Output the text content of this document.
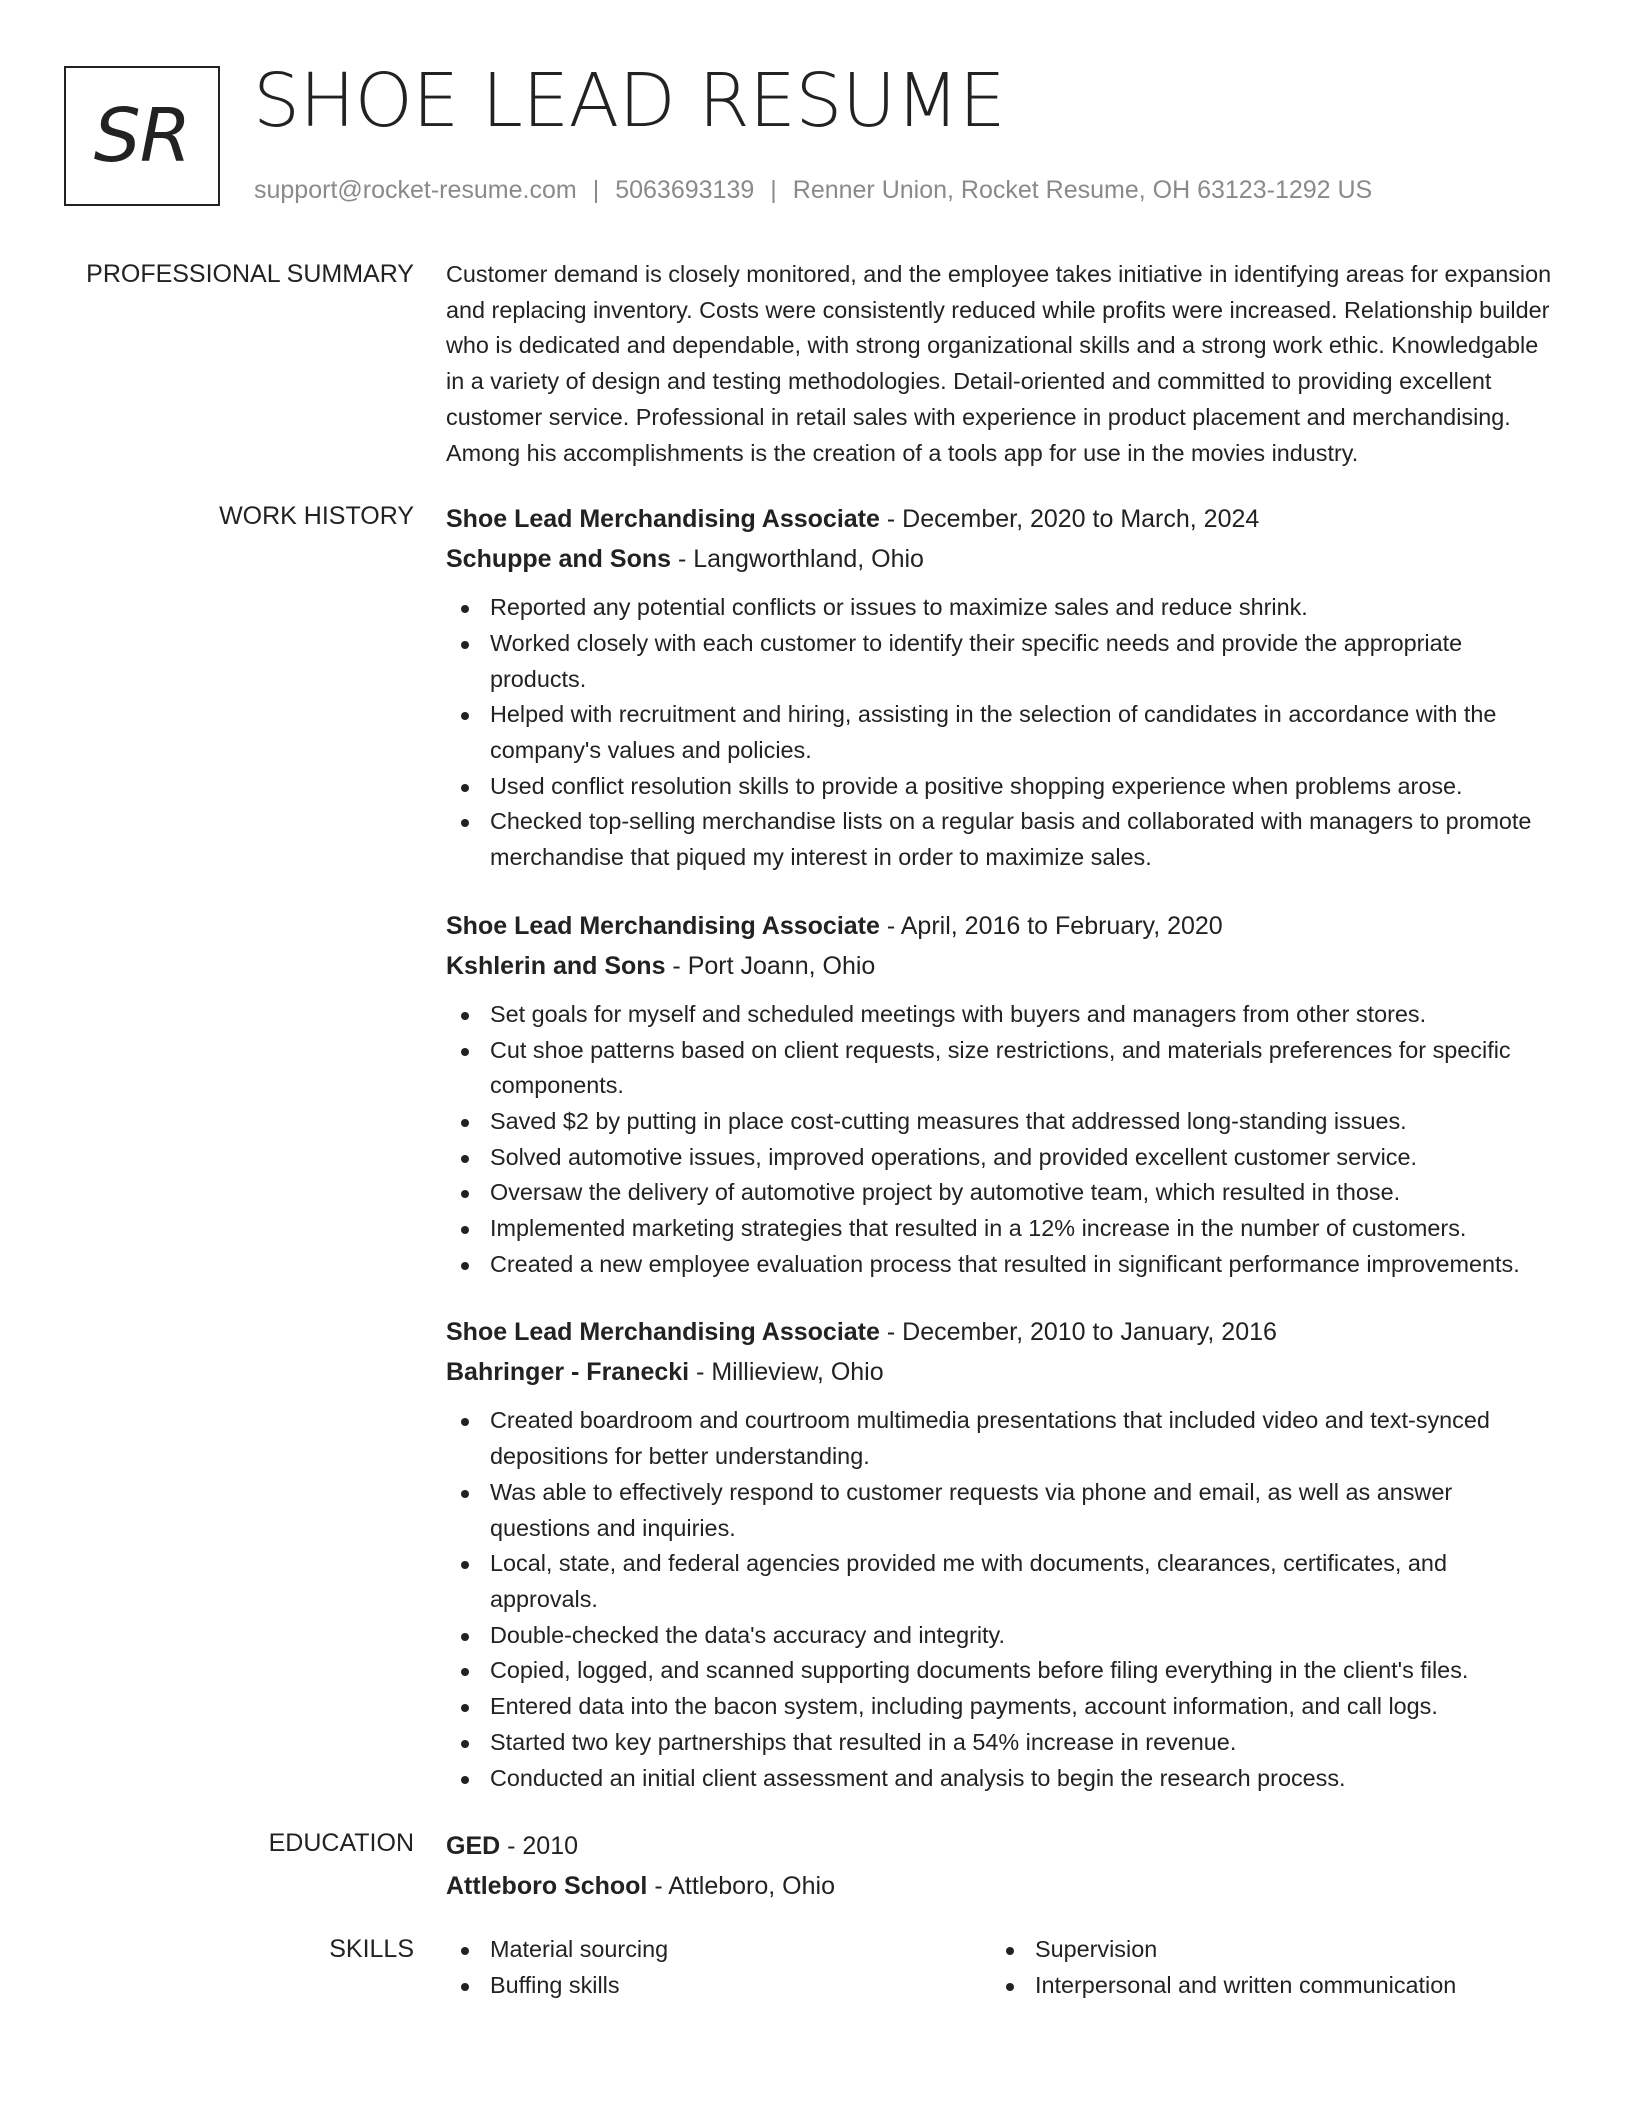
SR SHOE LEAD RESUME
support@rocket-resume.com | 5063693139 | Renner Union, Rocket Resume, OH 63123-1292 US
PROFESSIONAL SUMMARY Customer demand is closely monitored, and the employee takes initiative in identifying areas for expansion and replacing inventory. Costs were consistently reduced while profits were increased. Relationship builder who is dedicated and dependable, with strong organizational skills and a strong work ethic. Knowledgable in a variety of design and testing methodologies. Detail-oriented and committed to providing excellent customer service. Professional in retail sales with experience in product placement and merchandising. Among his accomplishments is the creation of a tools app for use in the movies industry.

WORK HISTORY Shoe Lead Merchandising Associate - December, 2020 to March, 2024
Schuppe and Sons - Langworthland, Ohio
Reported any potential conflicts or issues to maximize sales and reduce shrink.
Worked closely with each customer to identify their specific needs and provide the appropriate products.
Helped with recruitment and hiring, assisting in the selection of candidates in accordance with the company's values and policies.
Used conflict resolution skills to provide a positive shopping experience when problems arose.
Checked top-selling merchandise lists on a regular basis and collaborated with managers to promote merchandise that piqued my interest in order to maximize sales.
Shoe Lead Merchandising Associate - April, 2016 to February, 2020
Kshlerin and Sons - Port Joann, Ohio
Set goals for myself and scheduled meetings with buyers and managers from other stores.
Cut shoe patterns based on client requests, size restrictions, and materials preferences for specific components.
Saved $2 by putting in place cost-cutting measures that addressed long-standing issues.
Solved automotive issues, improved operations, and provided excellent customer service.
Oversaw the delivery of automotive project by automotive team, which resulted in those.
Implemented marketing strategies that resulted in a 12% increase in the number of customers.
Created a new employee evaluation process that resulted in significant performance improvements.
Shoe Lead Merchandising Associate - December, 2010 to January, 2016
Bahringer - Franecki - Millieview, Ohio
Created boardroom and courtroom multimedia presentations that included video and text-synced depositions for better understanding.
Was able to effectively respond to customer requests via phone and email, as well as answer questions and inquiries.
Local, state, and federal agencies provided me with documents, clearances, certificates, and approvals.
Double-checked the data's accuracy and integrity.
Copied, logged, and scanned supporting documents before filing everything in the client's files.
Entered data into the bacon system, including payments, account information, and call logs.
Started two key partnerships that resulted in a 54% increase in revenue.
Conducted an initial client assessment and analysis to begin the research process.
EDUCATION GED - 2010
Attleboro School - Attleboro, Ohio
SKILLS	Material sourcing
Buffing skills
Supervision
Interpersonal and written communication
